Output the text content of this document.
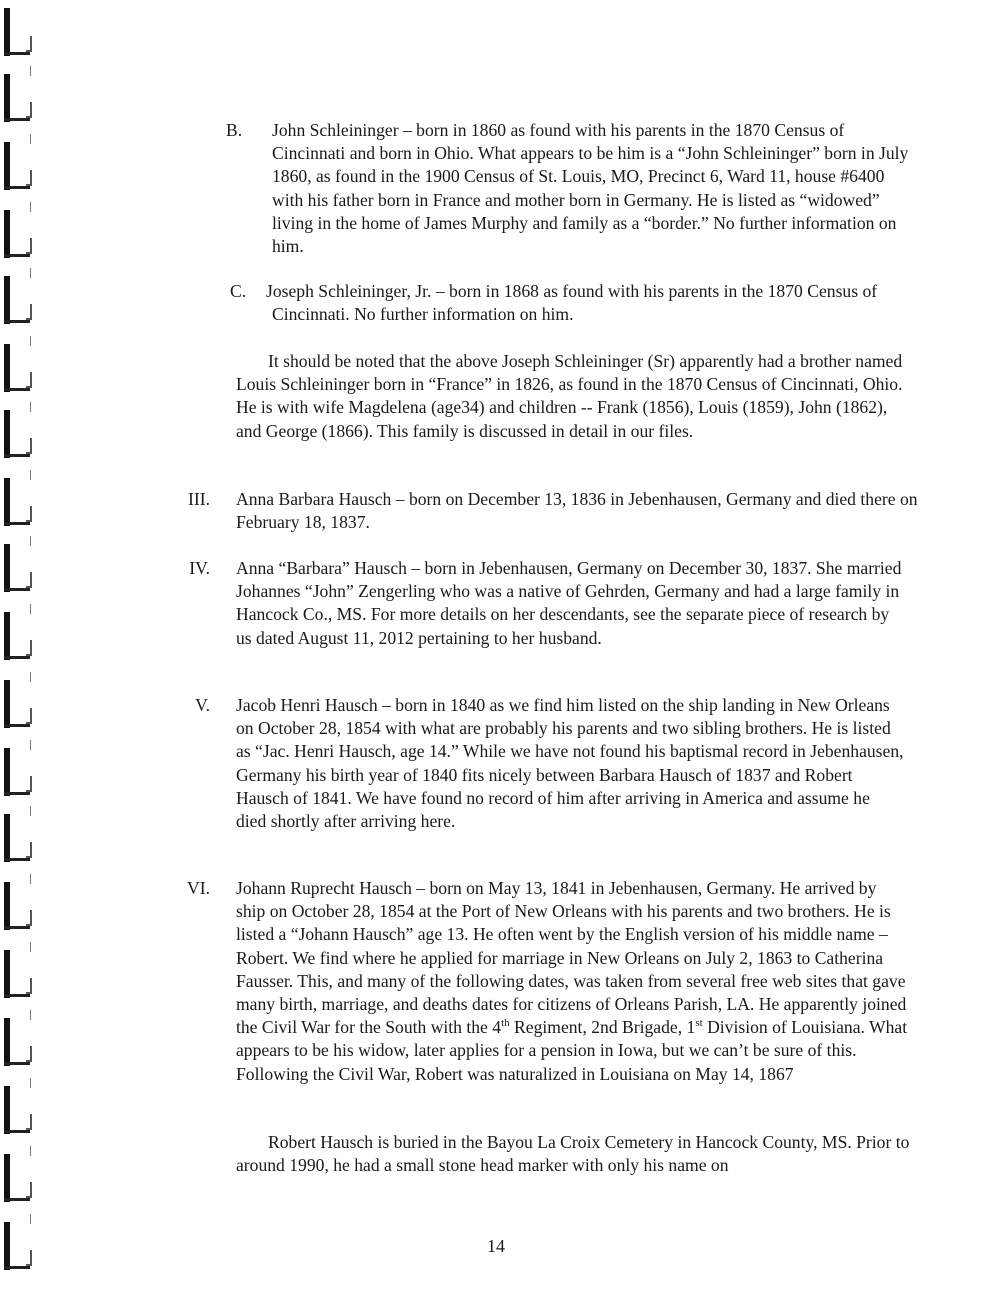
B.	John Schleininger – born in 1860 as found with his parents in the 1870 Census of Cincinnati and born in Ohio. What appears to be him is a “John Schleininger” born in July 1860, as found in the 1900 Census of St. Louis, MO, Precinct 6, Ward 11, house #6400 with his father born in France and mother born in Germany. He is listed as “widowed” living in the home of James Murphy and family as a “border.” No further information on him.
C.	Joseph Schleininger, Jr. – born in 1868 as found with his parents in the 1870 Census of Cincinnati. No further information on him.
It should be noted that the above Joseph Schleininger (Sr) apparently had a brother named Louis Schleininger born in “France” in 1826, as found in the 1870 Census of Cincinnati, Ohio. He is with wife Magdelena (age34) and children -- Frank (1856), Louis (1859), John (1862), and George (1866). This family is discussed in detail in our files.
III. Anna Barbara Hausch – born on December 13, 1836 in Jebenhausen, Germany and died there on February 18, 1837.
IV. Anna “Barbara” Hausch – born in Jebenhausen, Germany on December 30, 1837. She married Johannes “John” Zengerling who was a native of Gehrden, Germany and had a large family in Hancock Co., MS. For more details on her descendants, see the separate piece of research by us dated August 11, 2012 pertaining to her husband.
V. Jacob Henri Hausch – born in 1840 as we find him listed on the ship landing in New Orleans on October 28, 1854 with what are probably his parents and two sibling brothers. He is listed as “Jac. Henri Hausch, age 14.” While we have not found his baptismal record in Jebenhausen, Germany his birth year of 1840 fits nicely between Barbara Hausch of 1837 and Robert Hausch of 1841. We have found no record of him after arriving in America and assume he died shortly after arriving here.
VI. Johann Ruprecht Hausch – born on May 13, 1841 in Jebenhausen, Germany. He arrived by ship on October 28, 1854 at the Port of New Orleans with his parents and two brothers. He is listed a “Johann Hausch” age 13. He often went by the English version of his middle name – Robert. We find where he applied for marriage in New Orleans on July 2, 1863 to Catherina Fausser. This, and many of the following dates, was taken from several free web sites that gave many birth, marriage, and deaths dates for citizens of Orleans Parish, LA. He apparently joined the Civil War for the South with the 4th Regiment, 2nd Brigade, 1st Division of Louisiana. What appears to be his widow, later applies for a pension in Iowa, but we can’t be sure of this. Following the Civil War, Robert was naturalized in Louisiana on May 14, 1867
Robert Hausch is buried in the Bayou La Croix Cemetery in Hancock County, MS. Prior to around 1990, he had a small stone head marker with only his name on
14
